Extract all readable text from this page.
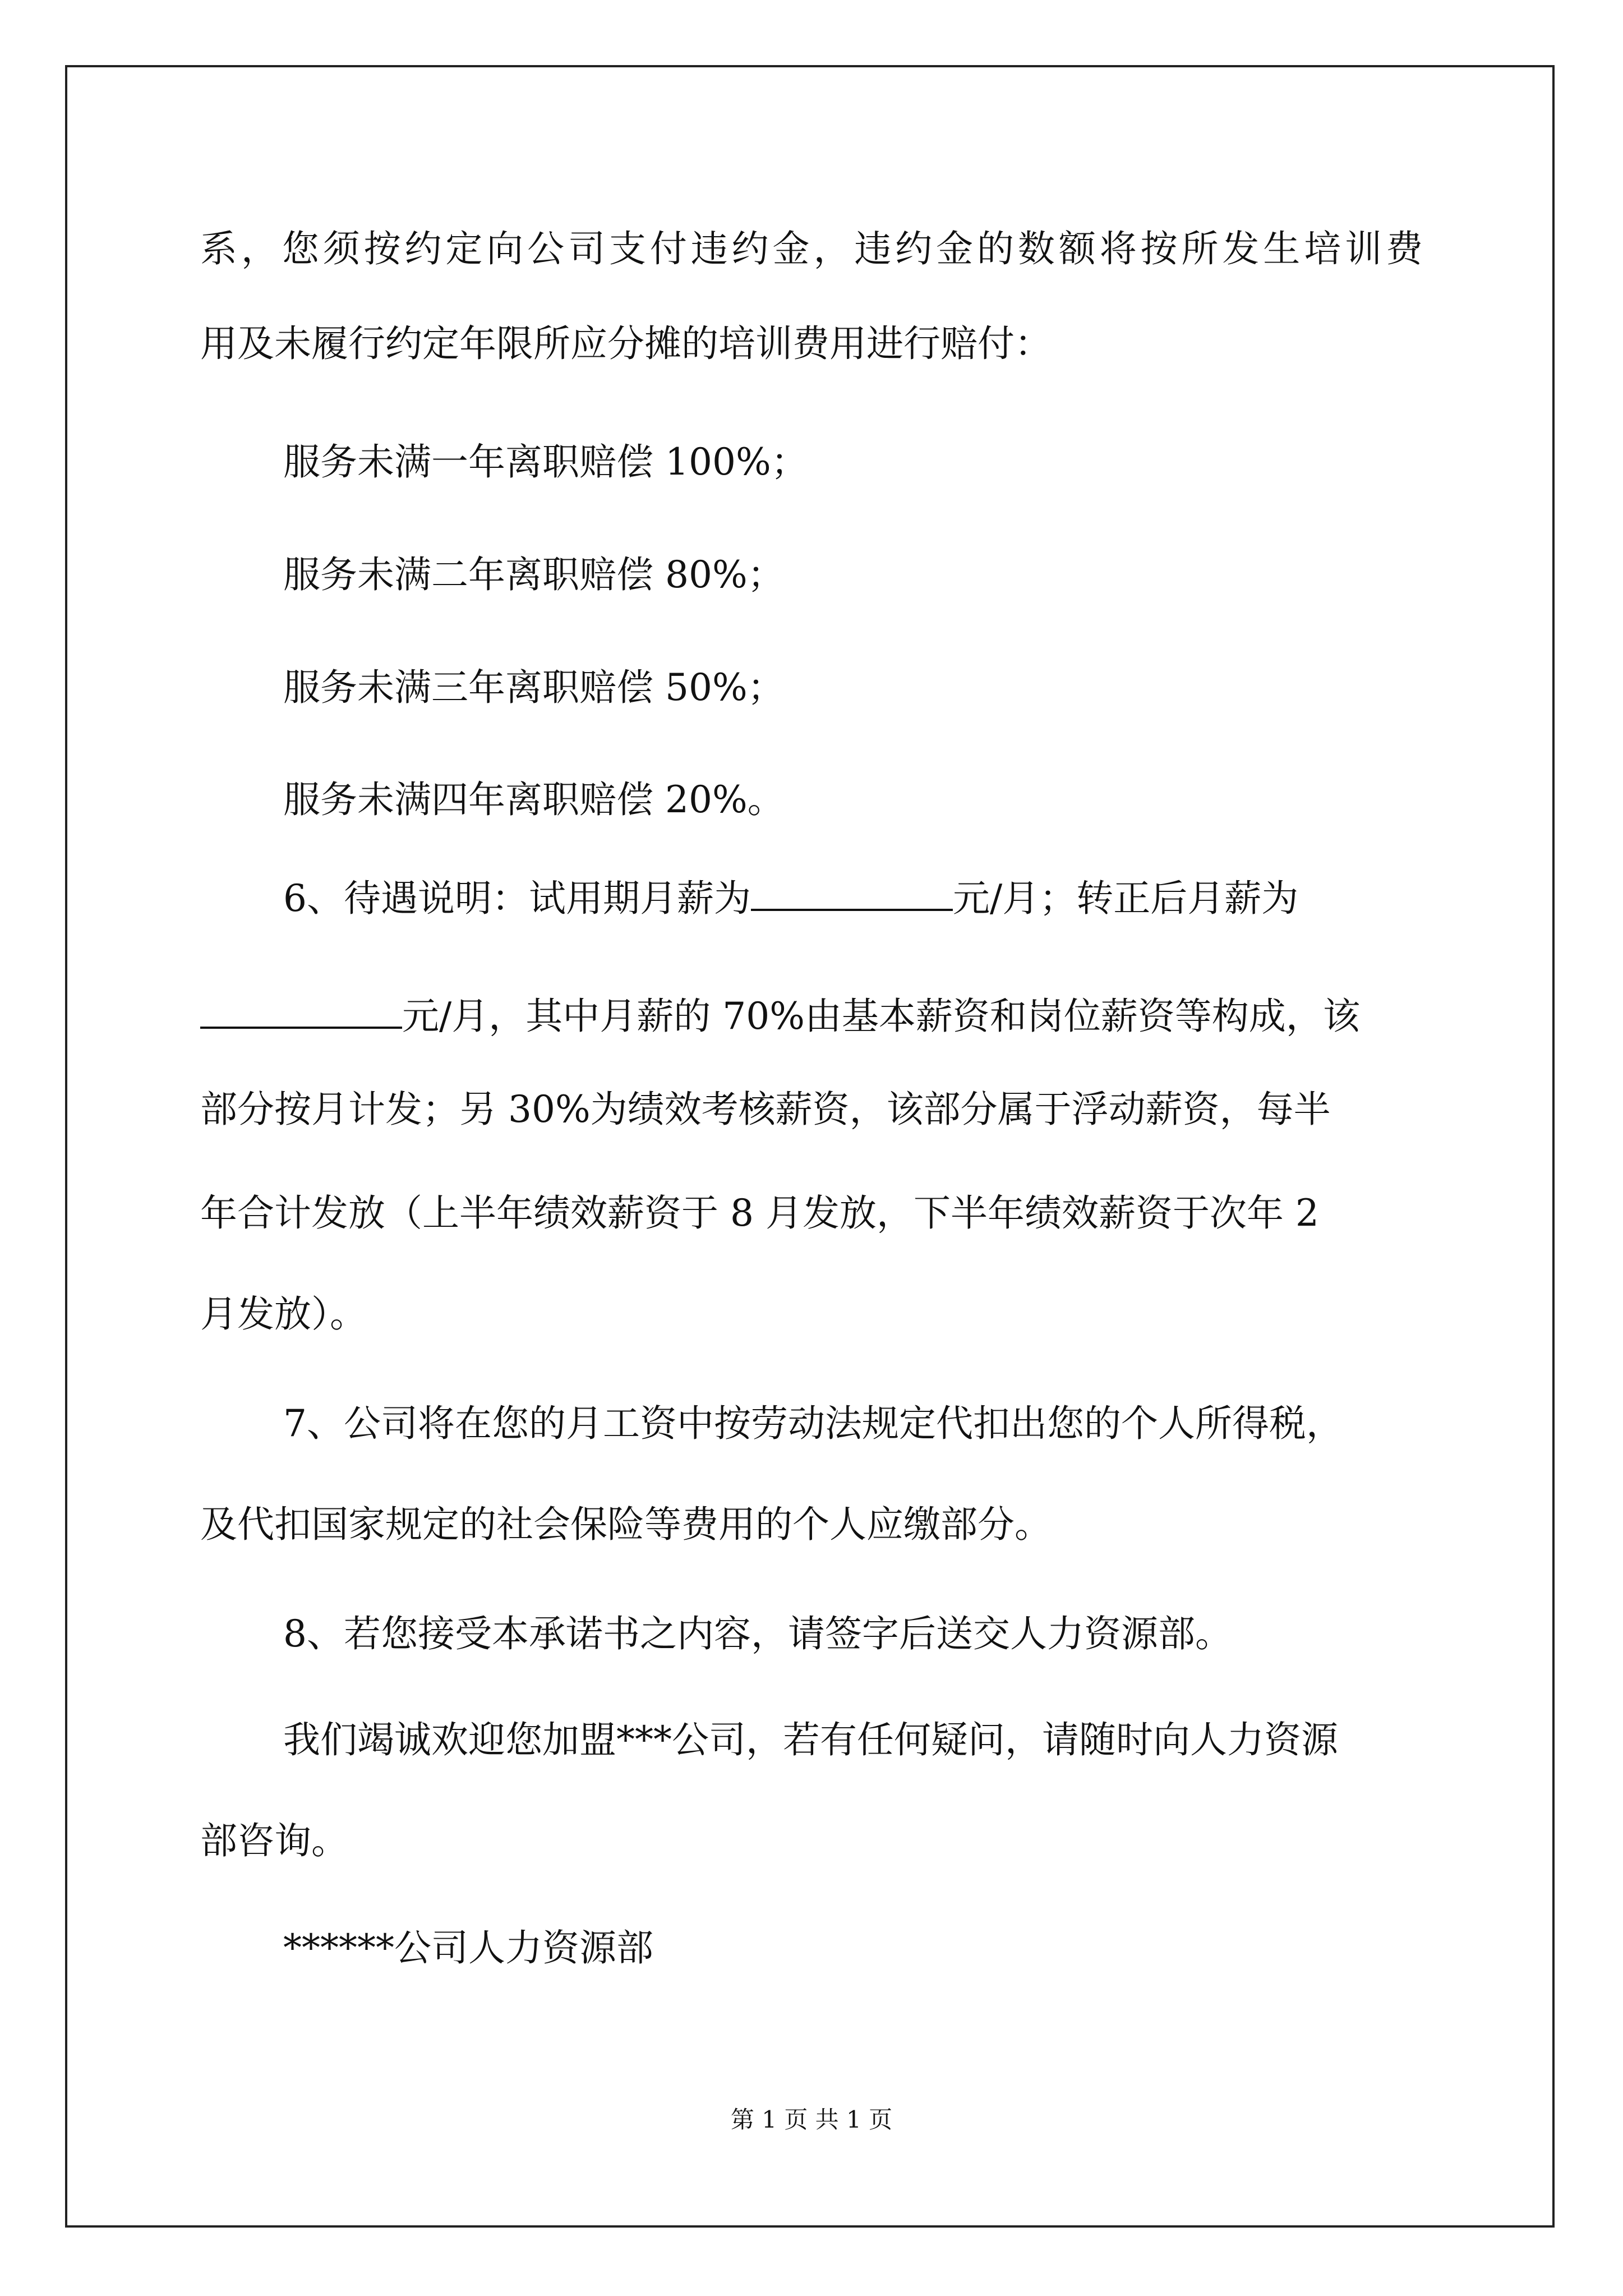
系，您须按约定向公司支付违约金，违约金的数额将按所发生培训费
用及未履行约定年限所应分摊的培训费用进行赔付：
服务未满一年离职赔偿 100%；
服务未满二年离职赔偿 80%；
服务未满三年离职赔偿 50%；
服务未满四年离职赔偿 20%。
6、待遇说明：试用期月薪为	元/月；转正后月薪为
元/月，其中月薪的 70%由基本薪资和岗位薪资等构成，该
部分按月计发；另 30%为绩效考核薪资，该部分属于浮动薪资，每半
年合计发放（上半年绩效薪资于 8 月发放，下半年绩效薪资于次年 2
月发放）。
7、公司将在您的月工资中按劳动法规定代扣出您的个人所得税，
及代扣国家规定的社会保险等费用的个人应缴部分。
8、若您接受本承诺书之内容，请签字后送交人力资源部。
我们竭诚欢迎您加盟***公司，若有任何疑问，请随时向人力资源
部咨询。
******公司人力资源部
第 1 页 共 1 页
